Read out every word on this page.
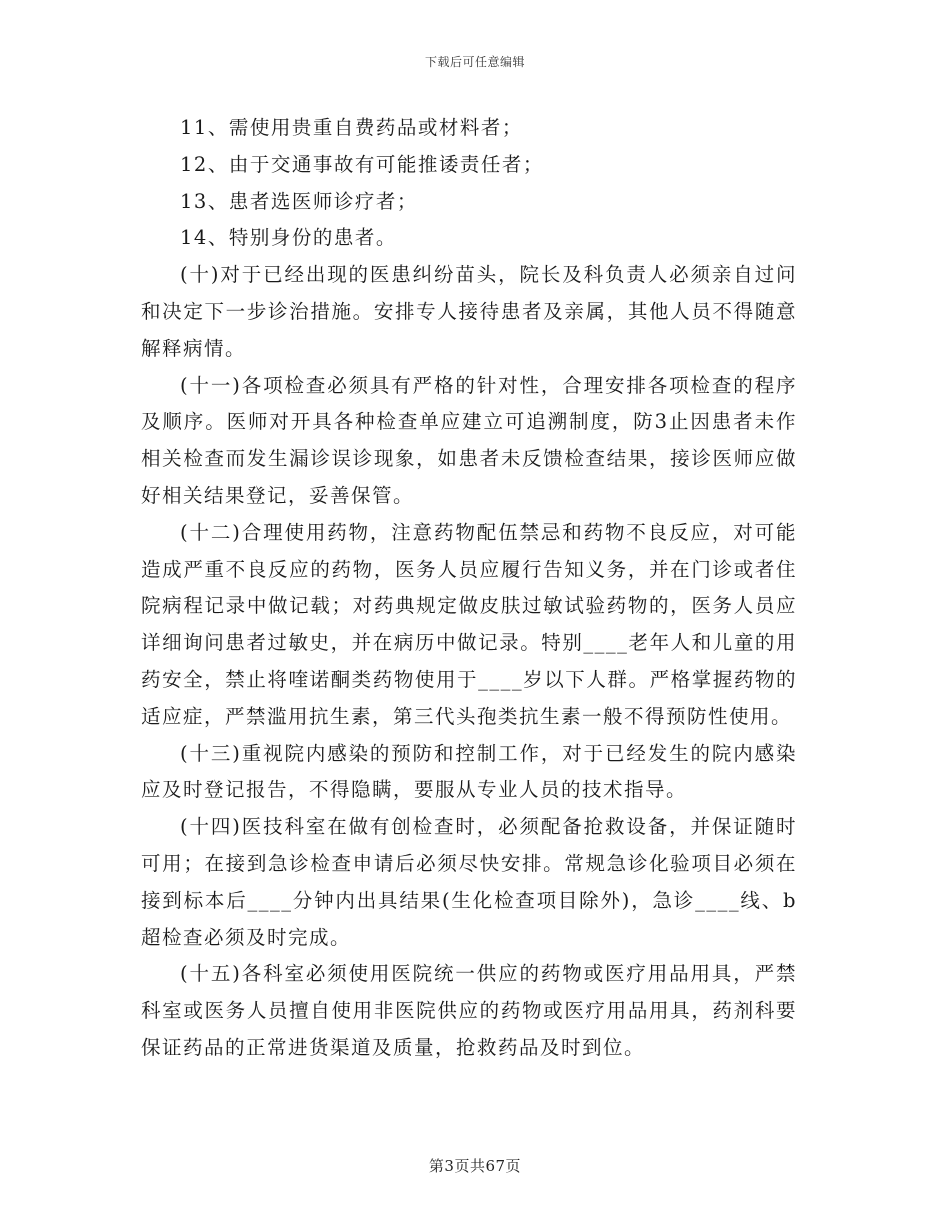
下载后可任意编辑

11、需使用贵重自费药品或材料者；

12、由于交通事故有可能推诿责任者；

13、患者选医师诊疗者；

14、特别身份的患者。

(十)对于已经出现的医患纠纷苗头，院长及科负责人必须亲自过问和决定下一步诊治措施。安排专人接待患者及亲属，其他人员不得随意解释病情。

(十一)各项检查必须具有严格的针对性，合理安排各项检查的程序及顺序。医师对开具各种检查单应建立可追溯制度，防3止因患者未作相关检查而发生漏诊误诊现象，如患者未反馈检查结果，接诊医师应做好相关结果登记，妥善保管。

(十二)合理使用药物，注意药物配伍禁忌和药物不良反应，对可能造成严重不良反应的药物，医务人员应履行告知义务，并在门诊或者住院病程记录中做记载；对药典规定做皮肤过敏试验药物的，医务人员应详细询问患者过敏史，并在病历中做记录。特别____老年人和儿童的用药安全，禁止将喹诺酮类药物使用于____岁以下人群。严格掌握药物的适应症，严禁滥用抗生素，第三代头孢类抗生素一般不得预防性使用。

(十三)重视院内感染的预防和控制工作，对于已经发生的院内感染应及时登记报告，不得隐瞒，要服从专业人员的技术指导。

(十四)医技科室在做有创检查时，必须配备抢救设备，并保证随时可用；在接到急诊检查申请后必须尽快安排。常规急诊化验项目必须在接到标本后____分钟内出具结果(生化检查项目除外)，急诊____线、b超检查必须及时完成。

(十五)各科室必须使用医院统一供应的药物或医疗用品用具，严禁科室或医务人员擅自使用非医院供应的药物或医疗用品用具，药剂科要保证药品的正常进货渠道及质量，抢救药品及时到位。

第3页共67页
